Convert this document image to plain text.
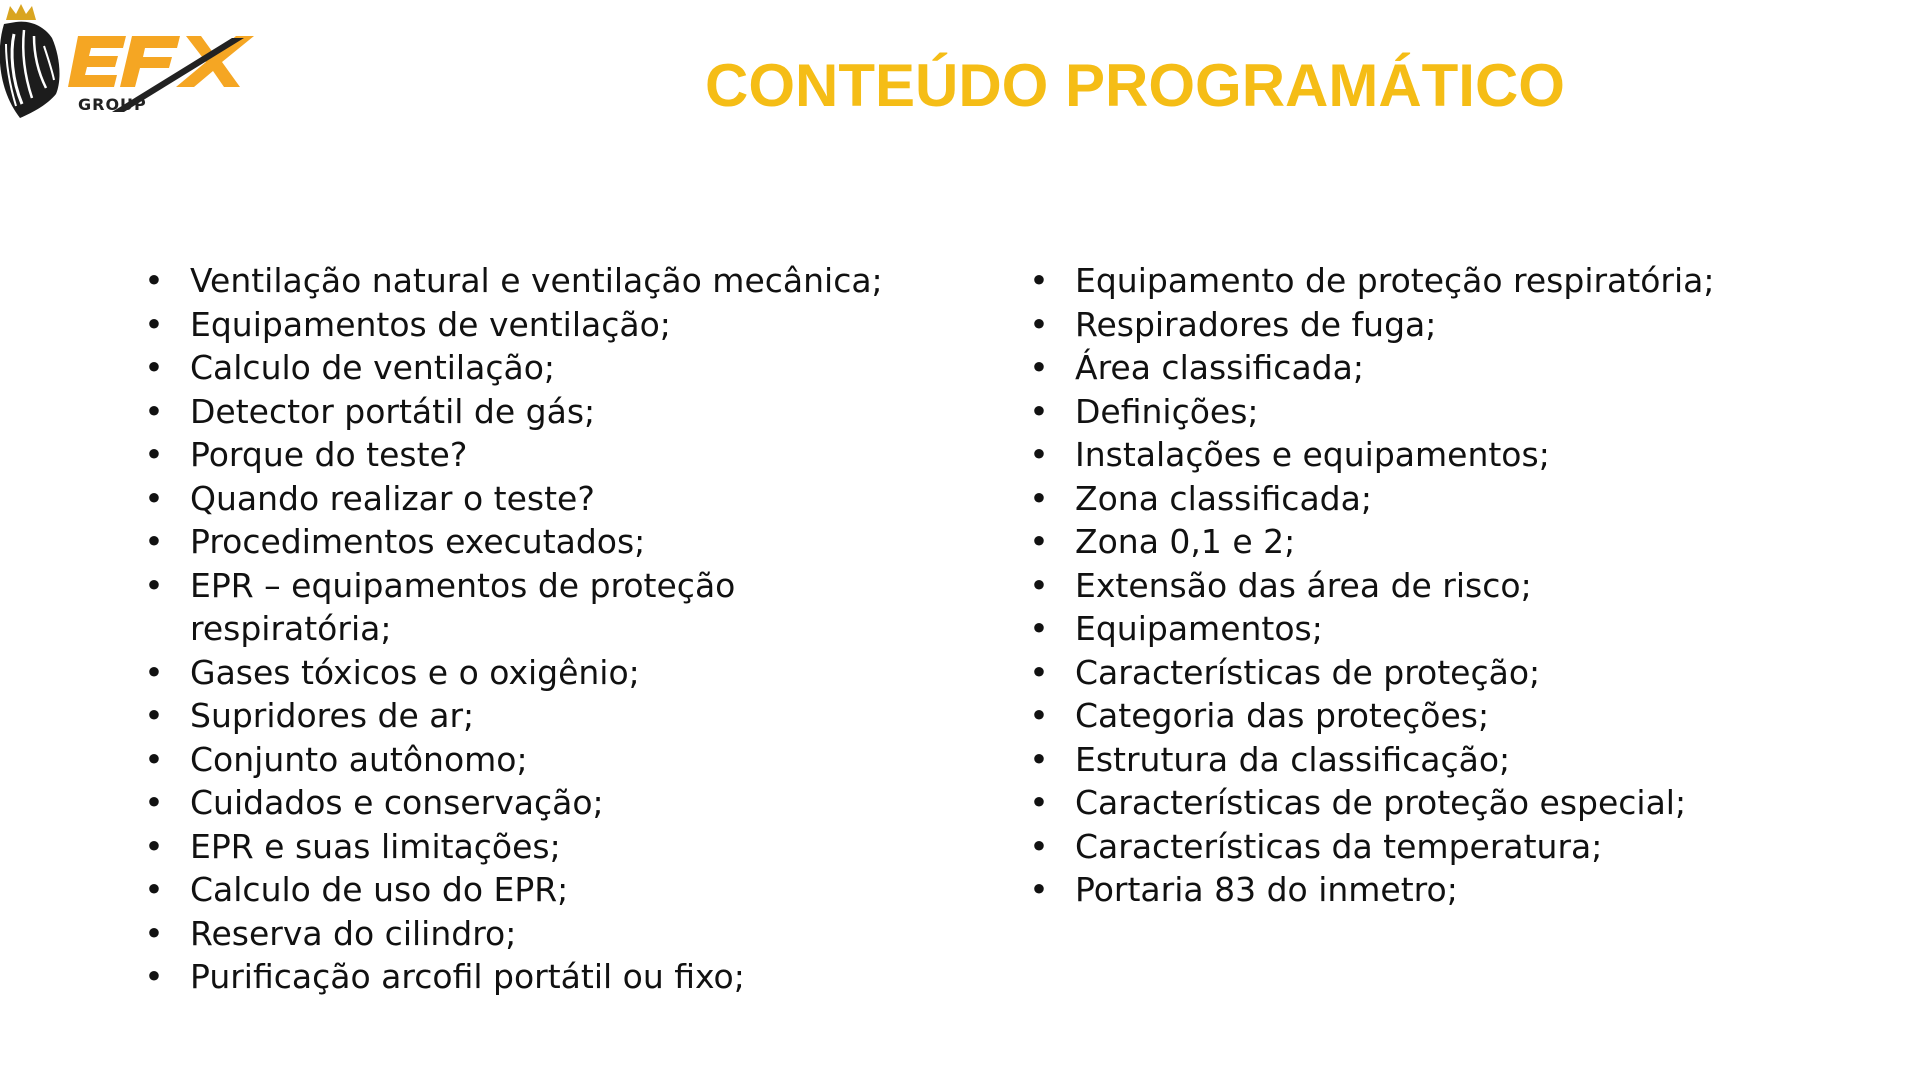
GROUP	CONTEÚDO PROGRAMÁTICO
• Ventilação natural e ventilação mecânica;
• Equipamentos de ventilação;
• Calculo de ventilação;
• Detector portátil de gás;
• Porque do teste?
• Quando realizar o teste?
• Procedimentos executados;
• EPR – equipamentos de proteção
respiratória;
• Gases tóxicos e o oxigênio;
• Supridores de ar;
• Conjunto autônomo;
• Cuidados e conservação;
• EPR e suas limitações;
• Calculo de uso do EPR;
• Reserva do cilindro;
• Purificação arcofil portátil ou fixo;
• Equipamento de proteção respiratória;
• Respiradores de fuga;
• Área classificada;
• Definições;
• Instalações e equipamentos;
• Zona classificada;
• Zona 0,1 e 2;
• Extensão das área de risco;
• Equipamentos;
• Características de proteção;
• Categoria das proteções;
• Estrutura da classificação;
• Características de proteção especial;
• Características da temperatura;
• Portaria 83 do inmetro;
